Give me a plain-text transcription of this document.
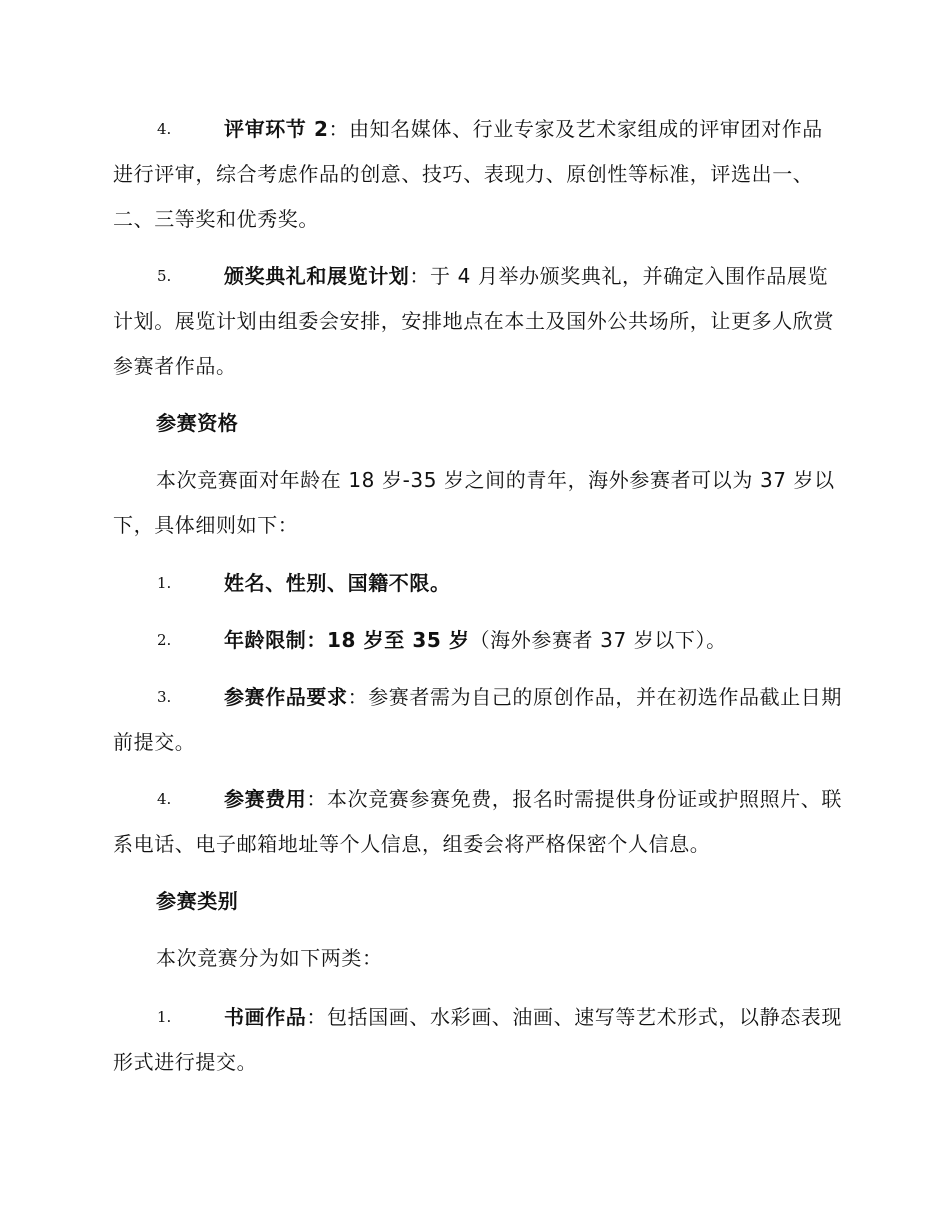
4.	评审环节 2：由知名媒体、行业专家及艺术家组成的评审团对作品进行评审，综合考虑作品的创意、技巧、表现力、原创性等标准，评选出一、二、三等奖和优秀奖。
5.	颁奖典礼和展览计划：于 4 月举办颁奖典礼，并确定入围作品展览计划。展览计划由组委会安排，安排地点在本土及国外公共场所，让更多人欣赏参赛者作品。
参赛资格
本次竞赛面对年龄在 18 岁-35 岁之间的青年，海外参赛者可以为 37 岁以下，具体细则如下：
1.	姓名、性别、国籍不限。
2.	年龄限制：18 岁至 35 岁（海外参赛者 37 岁以下）。
3.	参赛作品要求：参赛者需为自己的原创作品，并在初选作品截止日期前提交。
4.	参赛费用：本次竞赛参赛免费，报名时需提供身份证或护照照片、联系电话、电子邮箱地址等个人信息，组委会将严格保密个人信息。
参赛类别
本次竞赛分为如下两类：
1.	书画作品：包括国画、水彩画、油画、速写等艺术形式，以静态表现形式进行提交。
